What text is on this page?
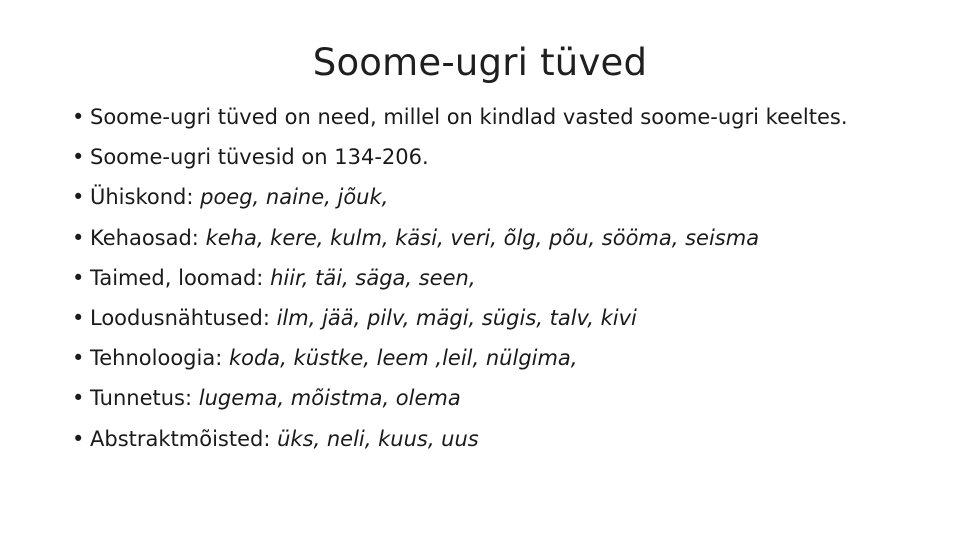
Soome-ugri tüved
• Soome-ugri tüved on need, millel on kindlad vasted soome-ugri keeltes.
• Soome-ugri tüvesid on 134-206.
• Ühiskond: poeg, naine, jõuk,
• Kehaosad: keha, kere, kulm, käsi, veri, õlg, põu, sööma, seisma
• Taimed, loomad: hiir, täi, säga, seen,
• Loodusnähtused: ilm, jää, pilv, mägi, sügis, talv, kivi
• Tehnoloogia: koda, küstke, leem ,leil, nülgima,
• Tunnetus: lugema, mõistma, olema
• Abstraktmõisted: üks, neli, kuus, uus
